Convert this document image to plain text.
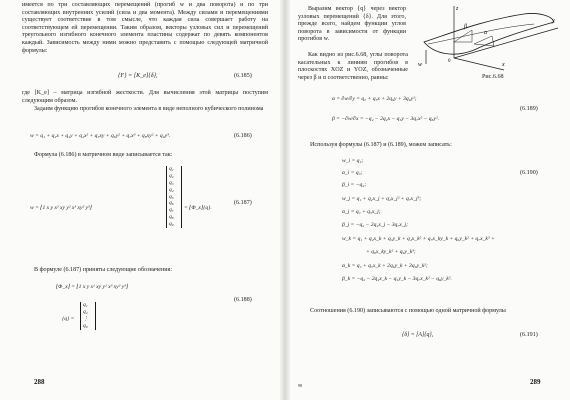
имеется по три составляющих перемещений (прогиб w и два поворота) и по три составляющих внутренних усилий (сила и два момента). Между силами и перемещениями существует соответствие в том смысле, что каждая сила совершает работу на соответствующем ей перемещении. Таким образом, векторы узловых сил и перемещений треугольного изгибного конечного элемента пластины содержат по девять компонентов каждый. Зависимость между ними можно представить с помощью следующей матричной формулы:
{F} = [K_e]{δ},	(6.185)
где [K_e] – матрица изгибной жесткости. Для вычисления этой матрицы поступим следующим образом.
Задаим функцию прогибов конечного элемента в виде неполного кубического полинома
w = q₁ + q₂x + q₃y + q₄x² + q₅xy + q₆y² + q₇x³ + q₈xy² + q₉y³.	(6.186)
Формула (6.186) в матричном виде записывается так:
w = ⌊1 x y x² xy y² x³ xy² y³⌋
q₁
q₂
q₃
q₄
q₅
q₆
q₇
q₈
q₉
= ⌊Φ_x⌋{q}.
(6.187)
В формуле (6.187) приняты следующие обозначения:
⌊Φ_x⌋ = ⌊1 x y x² xy y² x³ xy² y³⌋
{q} =
q₁
q₂
⋮
q₉
(6.188)
288
Выразим вектор {q} через вектор узловых перемещений {δ}. Для этого, прежде всего, найдем функции углов поворота в зависимости от функции прогибов w.
z
y
x
w
β
α
0
Как видно из рис.6.68, углы поворота касательных к линиям прогибов в плоскостях XOZ и YOZ, обозначенные через β и α соответственно, равны:	Рис.6.68
α = ∂w/∂y = q₃ + q₅x + 2q₆y + 3q₉y²;
β = −∂w/∂x = −q₂ − 2q₄x − q₅y − 3q₇x² − q₈y².
(6.189)
Используя формулы (6.187) и (6.189), можем записать:
w_i = q₁;
α_i = q₃;
β_i = −q₂;
w_j = q₁ + q₂x_j + q₄x_j² + q₇x_j³;
α_j = q₃ + q₅x_j;
β_j = −q₂ − 2q₄x_j − 3q₇x_j;
w_k = q₁ + q₂x_k + q₃y_k + q₄x_k² + q₅x_ky_k + q₆y_k² + q₇x_k³ +
+ q₈x_ky_k² + q₉y_k³;
α_k = q₃ + q₅x_k + 2q₆y_k + 3q₉y_k²;
β_k = −q₂ − 2q₄x_k − q₅y_k − 3q₇x_k² − q₈y_k².
(6.190)
Соотношения (6.190) записываются с помощью одной матричной формулы
{δ} = [A]{q},	(6.191)
98	289
